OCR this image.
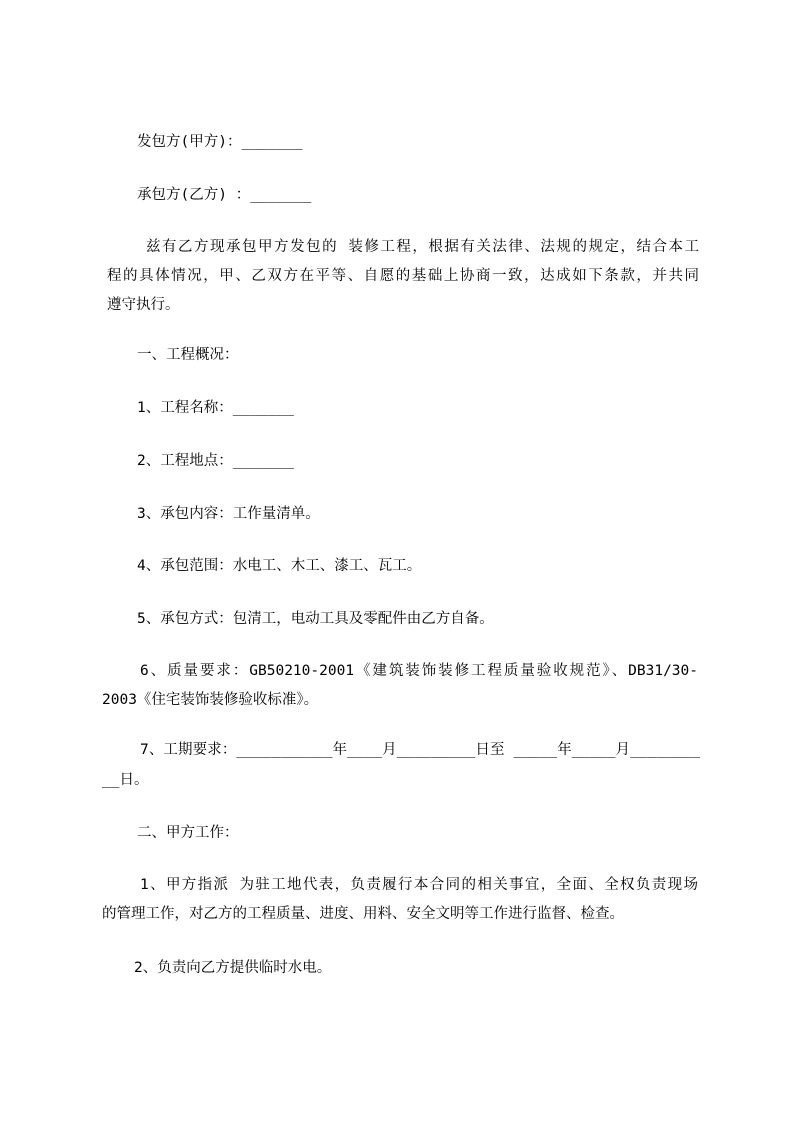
发包方(甲方)：_______
承包方(乙方) ：_______
兹有乙方现承包甲方发包的 装修工程，根据有关法律、法规的规定，结合本工
程的具体情况，甲、乙双方在平等、自愿的基础上协商一致，达成如下条款，并共同
遵守执行。
一、工程概况：
1、工程名称：_______
2、工程地点：_______
3、承包内容：工作量清单。
4、承包范围：水电工、木工、漆工、瓦工。
5、承包方式：包清工，电动工具及零配件由乙方自备。
6、质量要求：GB50210-2001《建筑装饰装修工程质量验收规范》、DB31/30-
2003《住宅装饰装修验收标准》。
7、工期要求：___________年____月_________日至 _____年_____月________
__日。
二、甲方工作：
1、甲方指派 为驻工地代表，负责履行本合同的相关事宜，全面、全权负责现场
的管理工作，对乙方的工程质量、进度、用料、安全文明等工作进行监督、检查。
2、负责向乙方提供临时水电。
